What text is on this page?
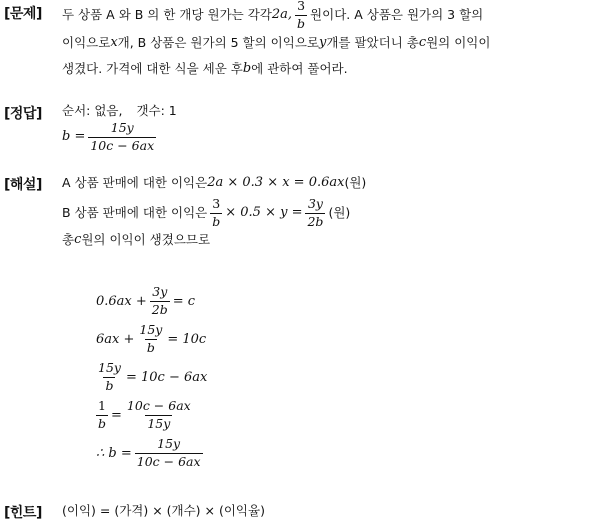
[문제] 두 상품 A 와 B 의 한 개당 원가는 각각 2a, $\frac{3}{b}$ 원이다. A 상품은 원가의 3 할의
이익으로 x 개, B 상품은 원가의 5 할의 이익으로 y 개를 팔았더니 총 c 원의 이익이
생겼다. 가격에 대한 식을 세운 후 b 에 관하여 풀어라.
[정답] 순서: 없음, 갯수: 1
$b = \frac{15y}{10c - 6ax}$
[해설] A 상품 판매에 대한 이익은 2a × 0.3 × x = 0.6ax (원)
B 상품 판매에 대한 이익은 $\frac{3}{b} \times 0.5 \times y = \frac{3y}{2b}$ (원)
총 c 원의 이익이 생겼으므로
$0.6ax + \frac{3y}{2b} = c$
$6ax + \frac{15y}{b} = 10c$
$\frac{15y}{b} = 10c - 6ax$
$\frac{1}{b} = \frac{10c - 6ax}{15y}$
∴ $b = \frac{15y}{10c - 6ax}$
[힌트] (이익) = (가격) × (개수) × (이익율)
